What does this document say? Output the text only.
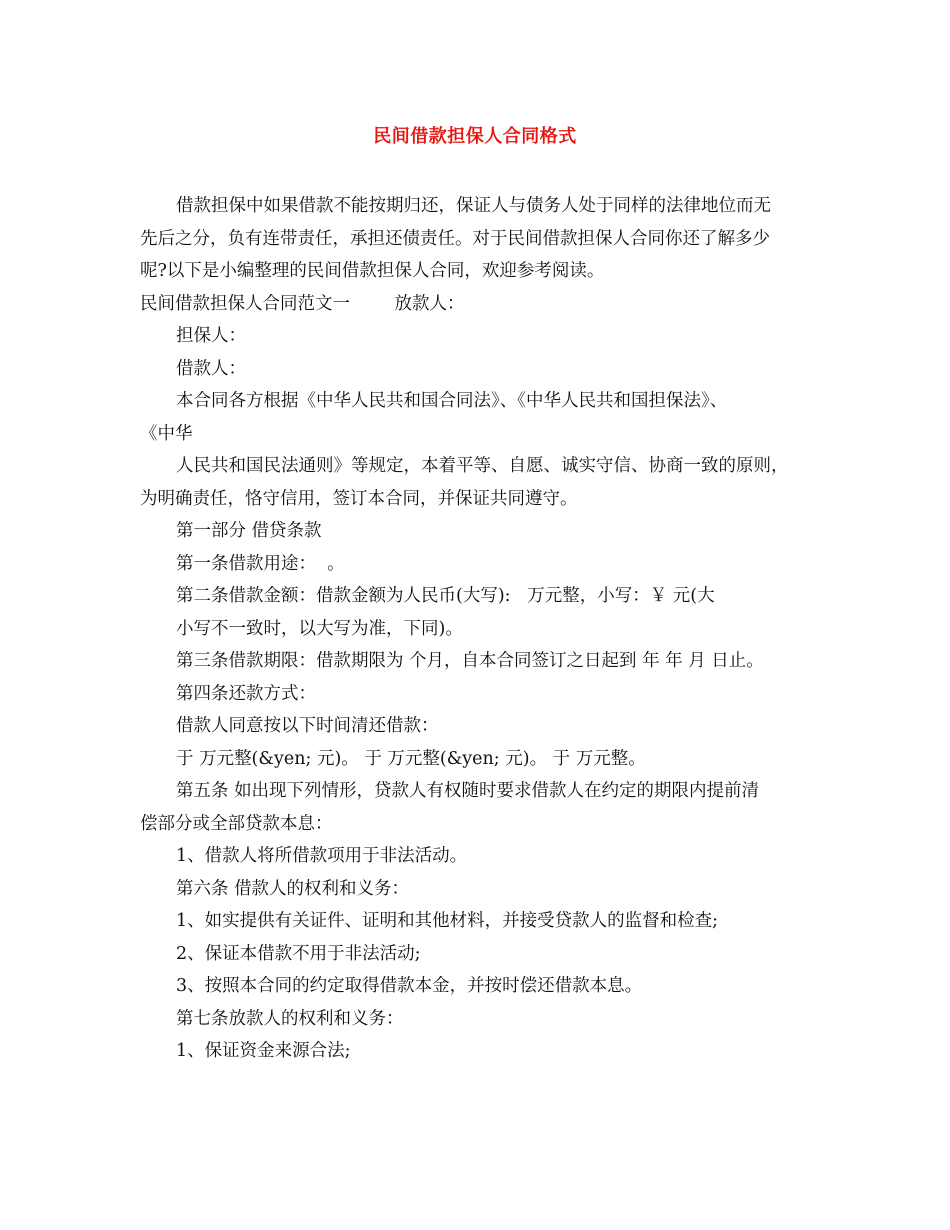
民间借款担保人合同格式
借款担保中如果借款不能按期归还，保证人与债务人处于同样的法律地位而无
先后之分，负有连带责任，承担还债责任。对于民间借款担保人合同你还了解多少
呢?以下是小编整理的民间借款担保人合同，欢迎参考阅读。
民间借款担保人合同范文一        放款人：
担保人：
借款人：
本合同各方根据《中华人民共和国合同法》、《中华人民共和国担保法》、
《中华
人民共和国民法通则》等规定，本着平等、自愿、诚实守信、协商一致的原则，
为明确责任，恪守信用，签订本合同，并保证共同遵守。
第一部分 借贷条款
第一条借款用途：  。
第二条借款金额：借款金额为人民币(大写):   万元整，小写：￥ 元(大
小写不一致时，以大写为准，下同)。
第三条借款期限：借款期限为 个月，自本合同签订之日起到 年 年 月 日止。
第四条还款方式：
借款人同意按以下时间清还借款：
于 万元整(&yen; 元)。 于 万元整(&yen; 元)。 于 万元整。
第五条 如出现下列情形，贷款人有权随时要求借款人在约定的期限内提前清
偿部分或全部贷款本息：
1、借款人将所借款项用于非法活动。
第六条 借款人的权利和义务：
1、如实提供有关证件、证明和其他材料，并接受贷款人的监督和检查;
2、保证本借款不用于非法活动;
3、按照本合同的约定取得借款本金，并按时偿还借款本息。
第七条放款人的权利和义务：
1、保证资金来源合法;
